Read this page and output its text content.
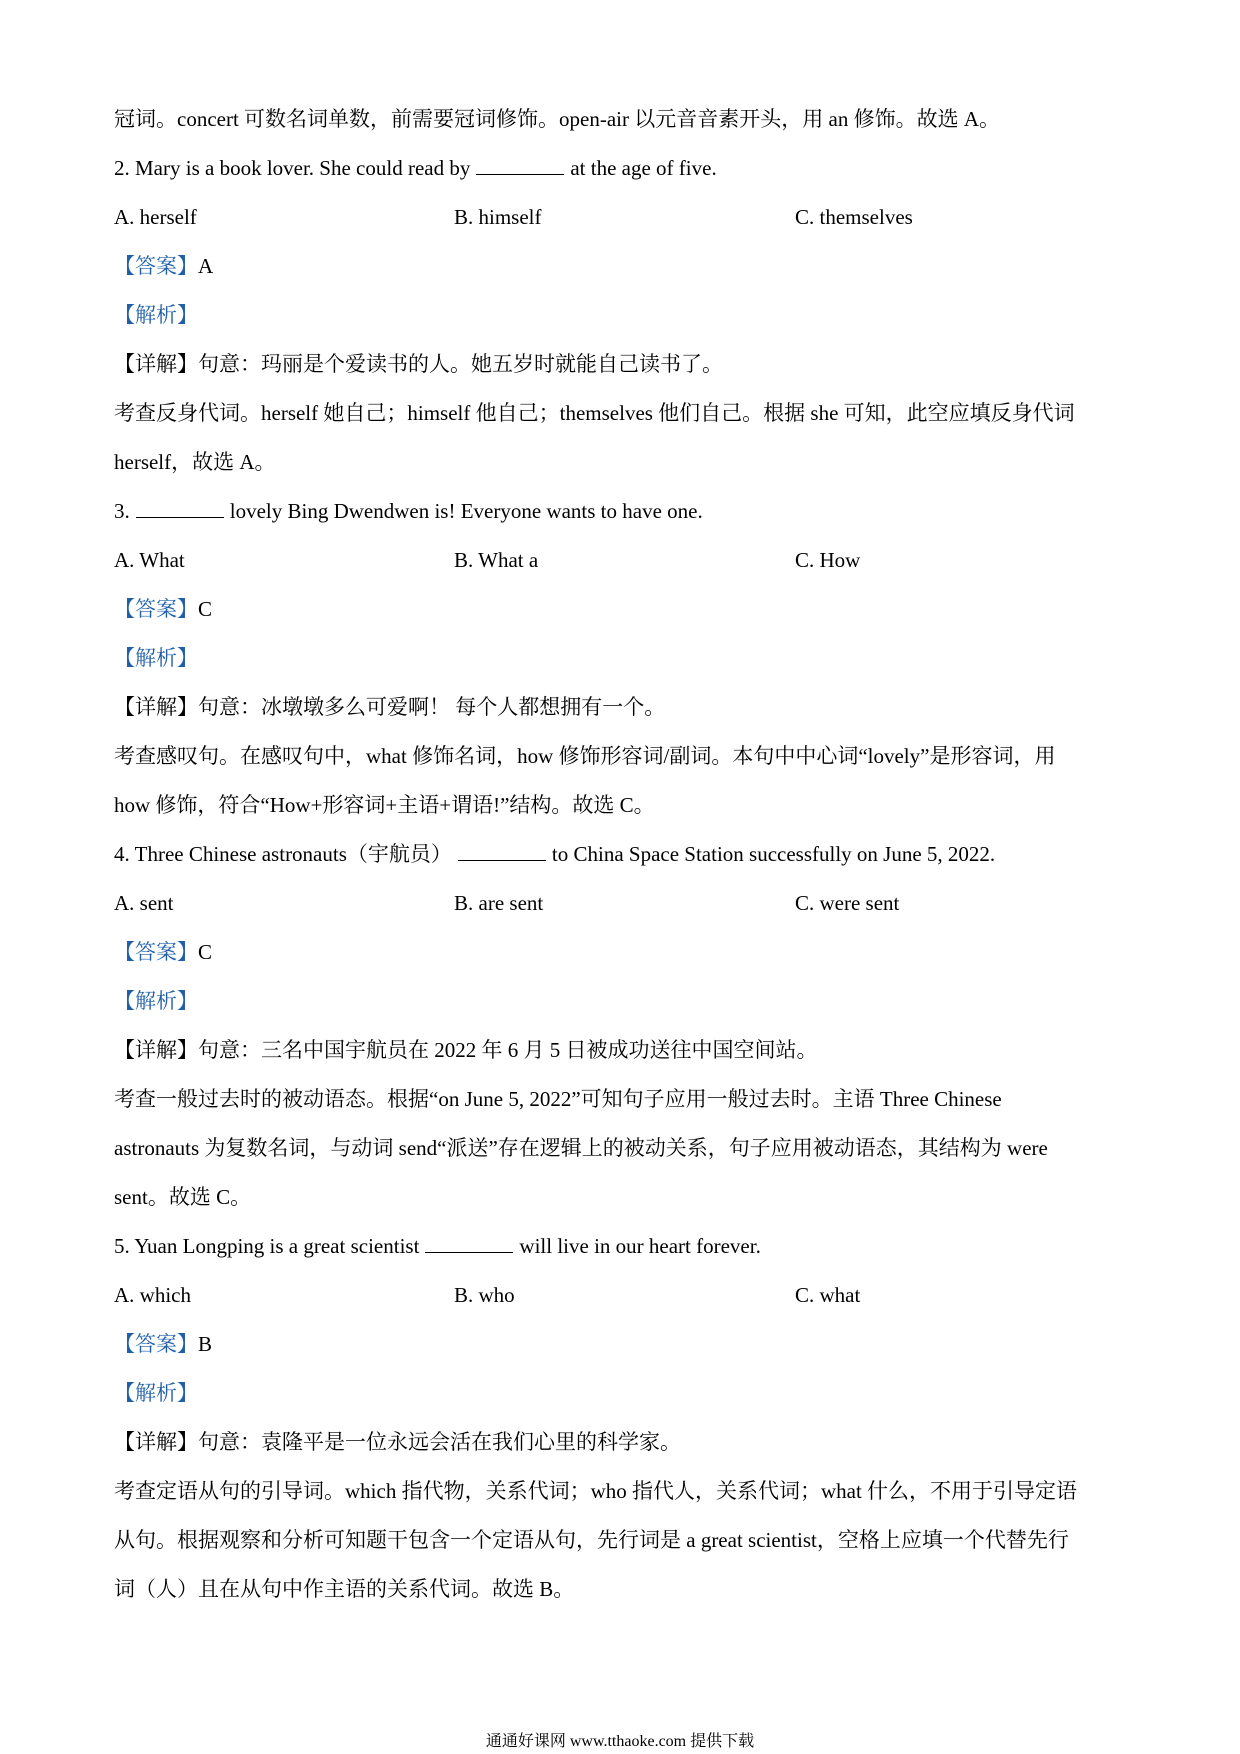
冠词。concert 可数名词单数，前需要冠词修饰。open-air 以元音音素开头，用 an 修饰。故选 A。
2. Mary is a book lover. She could read by	at the age of five.
A. herself	B. himself	C. themselves
【答案】A
【解析】
【详解】句意：玛丽是个爱读书的人。她五岁时就能自己读书了。
考查反身代词。herself 她自己；himself 他自己；themselves 他们自己。根据 she 可知，此空应填反身代词
herself，故选 A。
3.	lovely Bing Dwendwen is! Everyone wants to have one.
A. What	B. What a	C. How
【答案】C
【解析】
【详解】句意：冰墩墩多么可爱啊！ 每个人都想拥有一个。
考查感叹句。在感叹句中，what 修饰名词，how 修饰形容词/副词。本句中中心词“lovely”是形容词，用
how 修饰，符合“How+形容词+主语+谓语!”结构。故选 C。
4. Three Chinese astronauts（宇航员）	to China Space Station successfully on June 5, 2022.
A. sent	B. are sent	C. were sent
【答案】C
【解析】
【详解】句意：三名中国宇航员在 2022 年 6 月 5 日被成功送往中国空间站。
考查一般过去时的被动语态。根据“on June 5, 2022”可知句子应用一般过去时。主语 Three Chinese
astronauts 为复数名词，与动词 send“派送”存在逻辑上的被动关系，句子应用被动语态，其结构为 were
sent。故选 C。
5. Yuan Longping is a great scientist	will live in our heart forever.
A. which	B. who	C. what
【答案】B
【解析】
【详解】句意：袁隆平是一位永远会活在我们心里的科学家。
考查定语从句的引导词。which 指代物，关系代词；who 指代人，关系代词；what 什么，不用于引导定语
从句。根据观察和分析可知题干包含一个定语从句，先行词是 a great scientist，空格上应填一个代替先行
词（人）且在从句中作主语的关系代词。故选 B。
通通好课网 www.tthaoke.com 提供下载
